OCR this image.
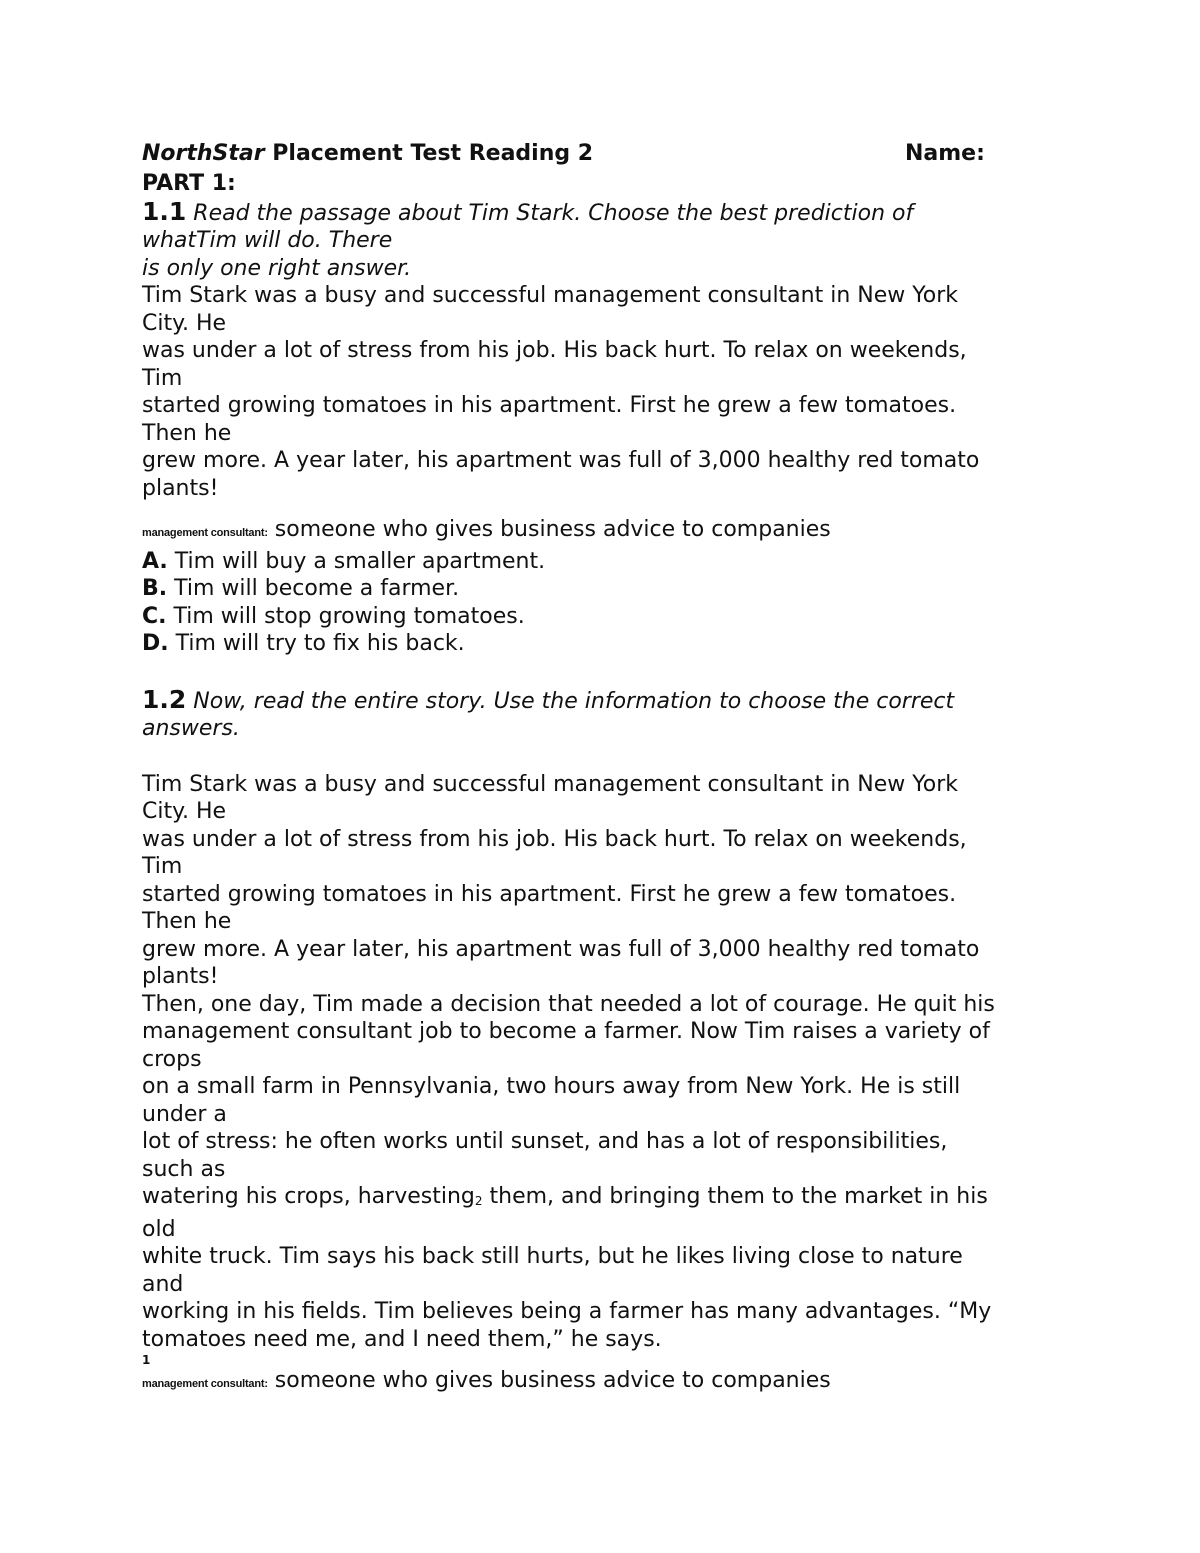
NorthStar Placement Test Reading 2	Name:
PART 1:
1.1 Read the passage about Tim Stark. Choose the best prediction of
whatTim will do. There
is only one right answer.
Tim Stark was a busy and successful management consultant in New York
City. He
was under a lot of stress from his job. His back hurt. To relax on weekends,
Tim
started growing tomatoes in his apartment. First he grew a few tomatoes.
Then he
grew more. A year later, his apartment was full of 3,000 healthy red tomato
plants!
management consultant: someone who gives business advice to companies
A. Tim will buy a smaller apartment.
B. Tim will become a farmer.
C. Tim will stop growing tomatoes.
D. Tim will try to fix his back.
1.2 Now, read the entire story. Use the information to choose the correct
answers.
Tim Stark was a busy and successful management consultant in New York
City. He
was under a lot of stress from his job. His back hurt. To relax on weekends,
Tim
started growing tomatoes in his apartment. First he grew a few tomatoes.
Then he
grew more. A year later, his apartment was full of 3,000 healthy red tomato
plants!
Then, one day, Tim made a decision that needed a lot of courage. He quit his
management consultant job to become a farmer. Now Tim raises a variety of
crops
on a small farm in Pennsylvania, two hours away from New York. He is still
under a
lot of stress: he often works until sunset, and has a lot of responsibilities,
such as
watering his crops, harvesting2 them, and bringing them to the market in his
old
white truck. Tim says his back still hurts, but he likes living close to nature
and
working in his fields. Tim believes being a farmer has many advantages. “My
tomatoes need me, and I need them,” he says.
1
management consultant: someone who gives business advice to companies
